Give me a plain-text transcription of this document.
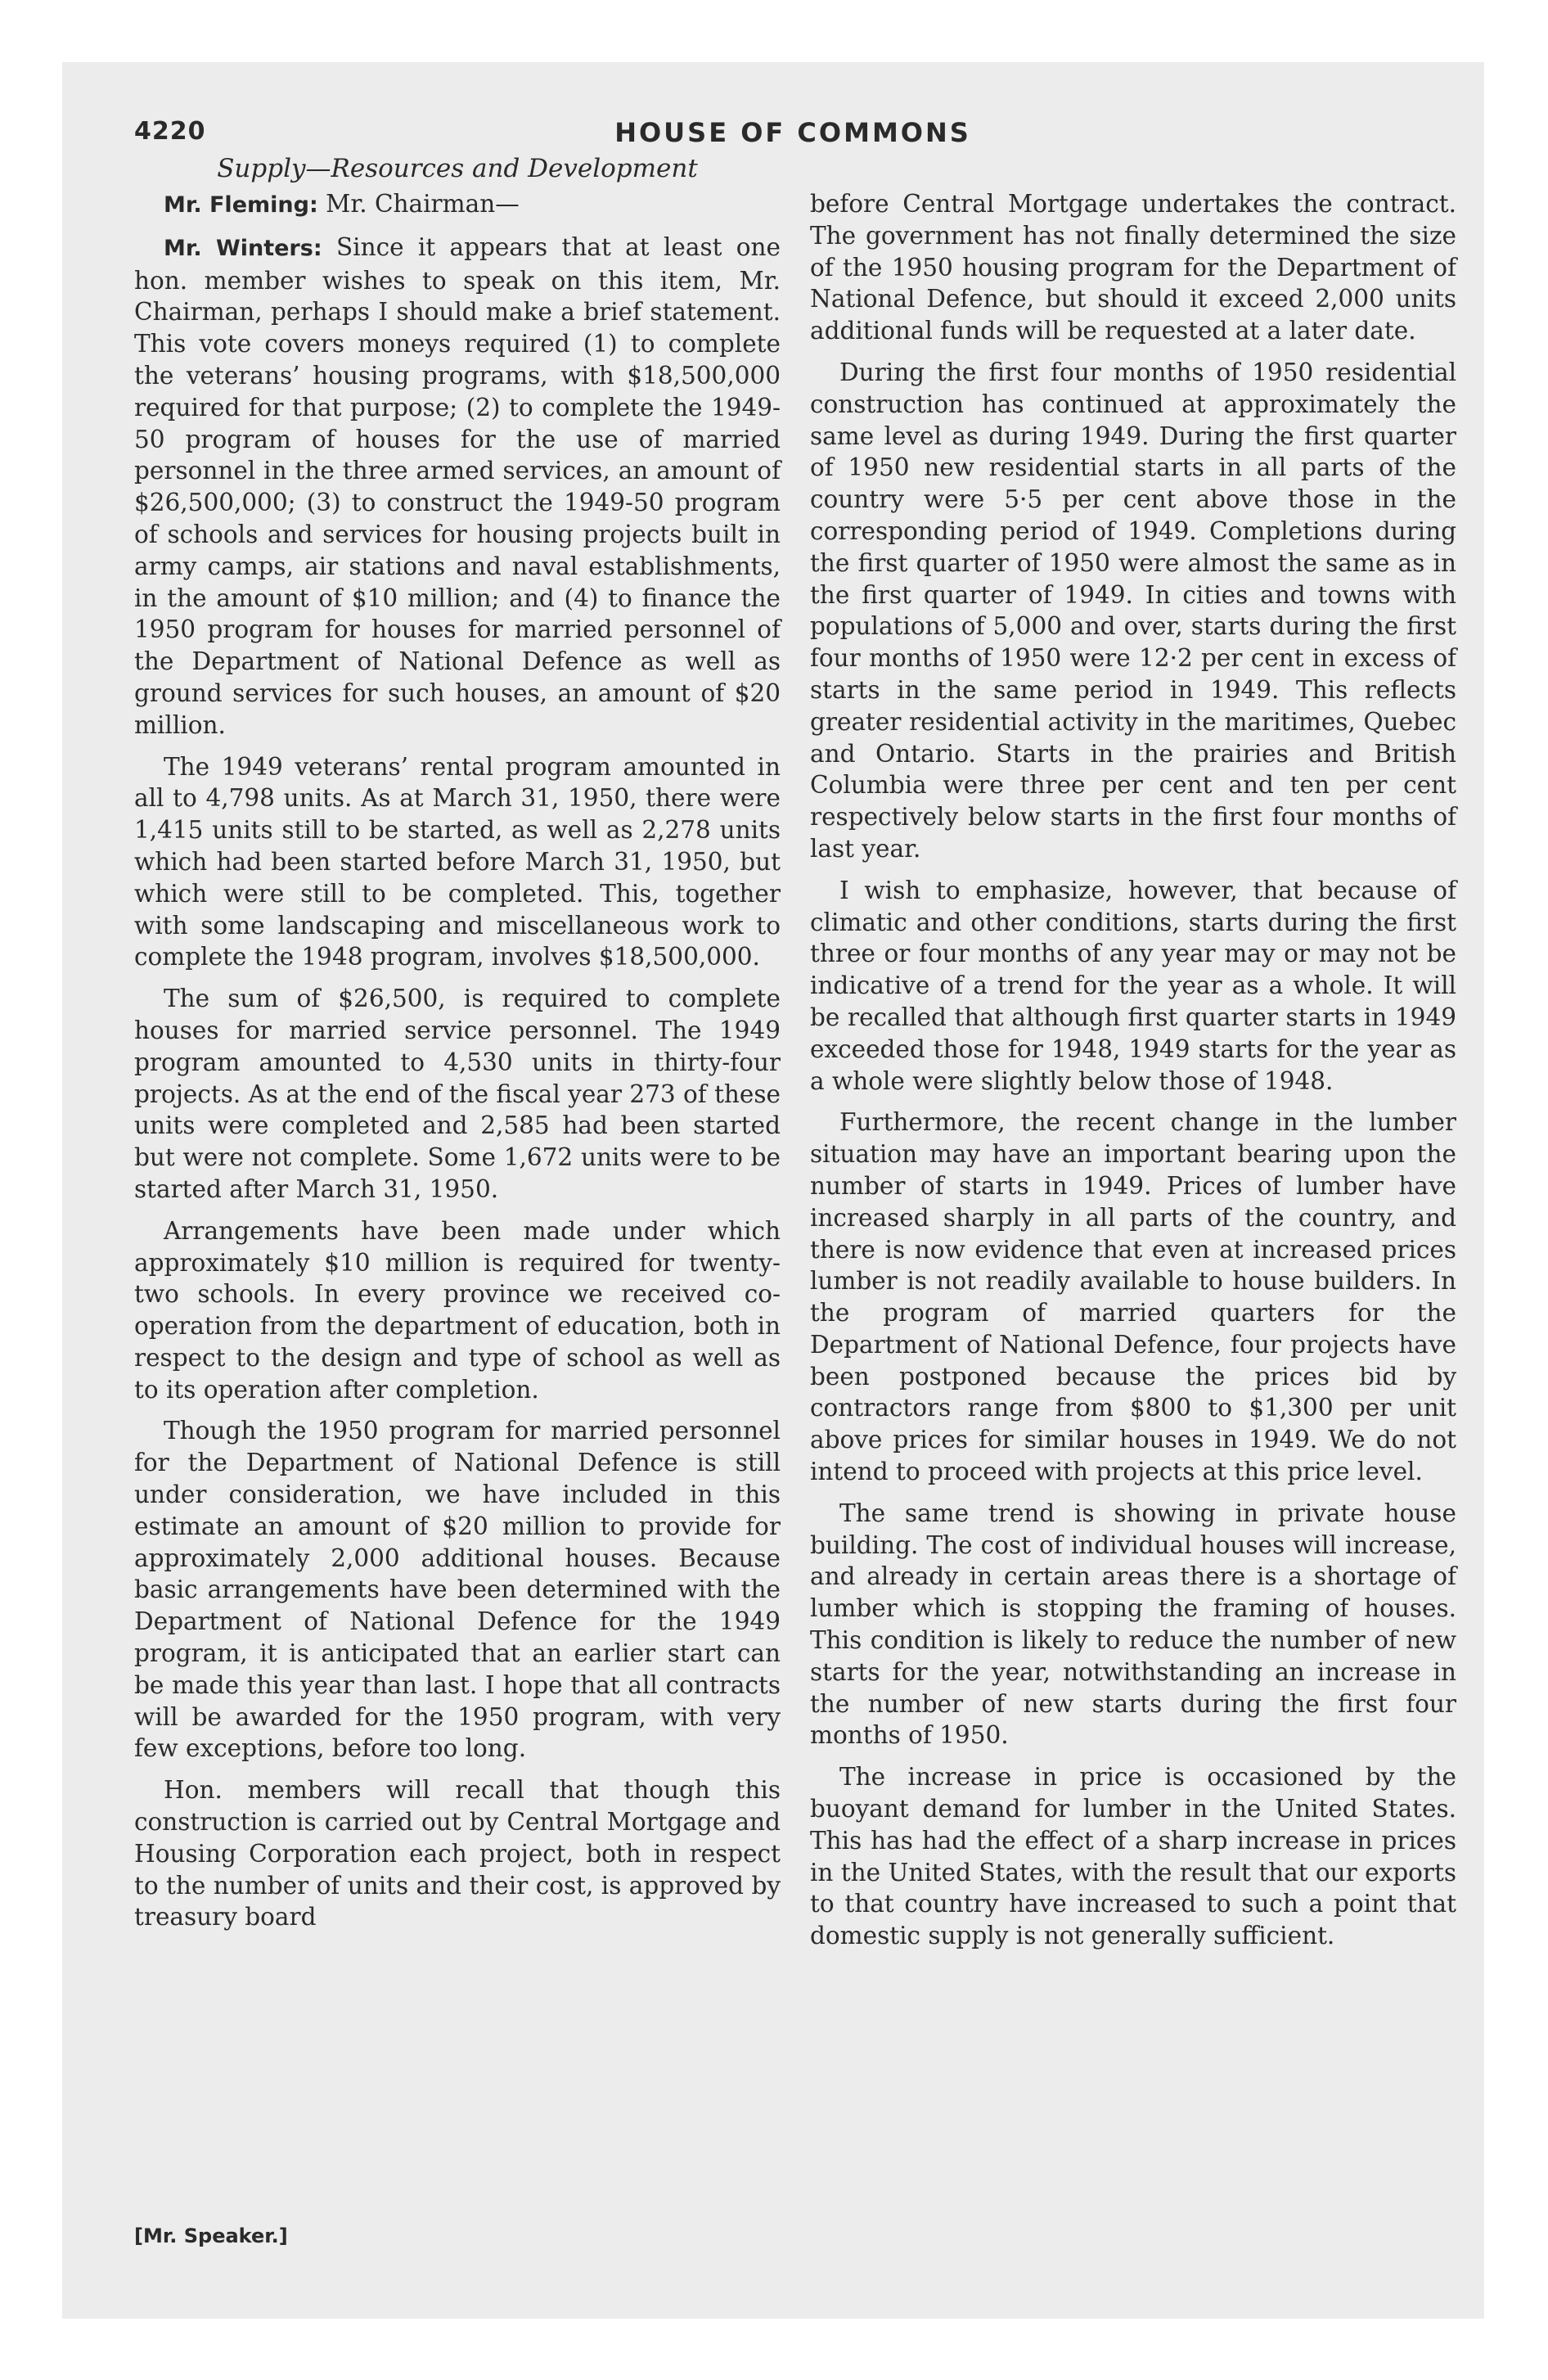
4220	HOUSE OF COMMONS

Supply—Resources and Development

Mr. Fleming: Mr. Chairman—

Mr. Winters: Since it appears that at least one hon. member wishes to speak on this item, Mr. Chairman, perhaps I should make a brief statement. This vote covers moneys required (1) to complete the veterans’ housing programs, with $18,500,000 required for that purpose; (2) to complete the 1949-50 program of houses for the use of married personnel in the three armed services, an amount of $26,500,000; (3) to construct the 1949-50 program of schools and services for housing projects built in army camps, air stations and naval establishments, in the amount of $10 million; and (4) to finance the 1950 program for houses for married personnel of the Department of National Defence as well as ground services for such houses, an amount of $20 million.

The 1949 veterans’ rental program amounted in all to 4,798 units. As at March 31, 1950, there were 1,415 units still to be started, as well as 2,278 units which had been started before March 31, 1950, but which were still to be completed. This, together with some landscaping and miscellaneous work to complete the 1948 program, involves $18,500,000.

The sum of $26,500, is required to complete houses for married service personnel. The 1949 program amounted to 4,530 units in thirty-four projects. As at the end of the fiscal year 273 of these units were completed and 2,585 had been started but were not complete. Some 1,672 units were to be started after March 31, 1950.

Arrangements have been made under which approximately $10 million is required for twenty-two schools. In every province we received co-operation from the department of education, both in respect to the design and type of school as well as to its operation after completion.

Though the 1950 program for married personnel for the Department of National Defence is still under consideration, we have included in this estimate an amount of $20 million to provide for approximately 2,000 additional houses. Because basic arrangements have been determined with the Department of National Defence for the 1949 program, it is anticipated that an earlier start can be made this year than last. I hope that all contracts will be awarded for the 1950 program, with very few exceptions, before too long.

Hon. members will recall that though this construction is carried out by Central Mortgage and Housing Corporation each project, both in respect to the number of units and their cost, is approved by treasury board

before Central Mortgage undertakes the contract. The government has not finally determined the size of the 1950 housing program for the Department of National Defence, but should it exceed 2,000 units additional funds will be requested at a later date.

During the first four months of 1950 residential construction has continued at approximately the same level as during 1949. During the first quarter of 1950 new residential starts in all parts of the country were 5·5 per cent above those in the corresponding period of 1949. Completions during the first quarter of 1950 were almost the same as in the first quarter of 1949. In cities and towns with populations of 5,000 and over, starts during the first four months of 1950 were 12·2 per cent in excess of starts in the same period in 1949. This reflects greater residential activity in the maritimes, Quebec and Ontario. Starts in the prairies and British Columbia were three per cent and ten per cent respectively below starts in the first four months of last year.

I wish to emphasize, however, that because of climatic and other conditions, starts during the first three or four months of any year may or may not be indicative of a trend for the year as a whole. It will be recalled that although first quarter starts in 1949 exceeded those for 1948, 1949 starts for the year as a whole were slightly below those of 1948.

Furthermore, the recent change in the lumber situation may have an important bearing upon the number of starts in 1949. Prices of lumber have increased sharply in all parts of the country, and there is now evidence that even at increased prices lumber is not readily available to house builders. In the program of married quarters for the Department of National Defence, four projects have been postponed because the prices bid by contractors range from $800 to $1,300 per unit above prices for similar houses in 1949. We do not intend to proceed with projects at this price level.

The same trend is showing in private house building. The cost of individual houses will increase, and already in certain areas there is a shortage of lumber which is stopping the framing of houses. This condition is likely to reduce the number of new starts for the year, notwithstanding an increase in the number of new starts during the first four months of 1950.

The increase in price is occasioned by the buoyant demand for lumber in the United States. This has had the effect of a sharp increase in prices in the United States, with the result that our exports to that country have increased to such a point that domestic supply is not generally sufficient.

[Mr. Speaker.]
